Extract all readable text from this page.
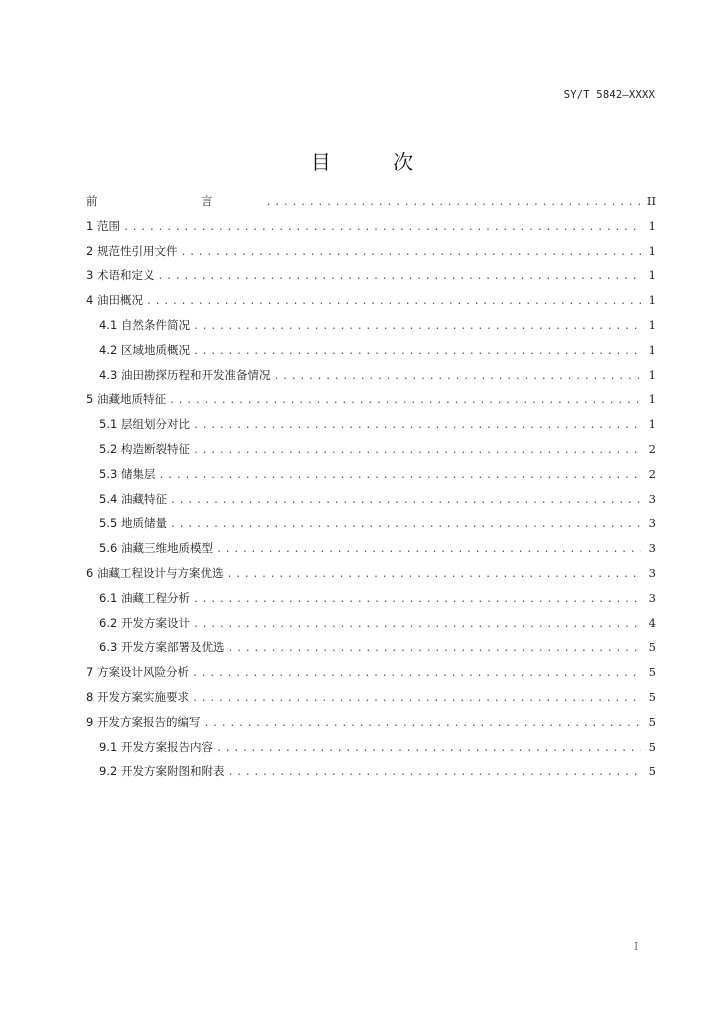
SY/T 5842—XXXX
目 次
前 言 .....	II
1 范围 .....	1
2 规范性引用文件 .....	1
3 术语和定义 .....	1
4 油田概况 .....	1
4.1 自然条件简况 .....	1
4.2 区域地质概况 .....	1
4.3 油田勘探历程和开发准备情况 .....	1
5 油藏地质特征 .....	1
5.1 层组划分对比 .....	1
5.2 构造断裂特征 .....	2
5.3 储集层 .....	2
5.4 油藏特征 .....	3
5.5 地质储量 .....	3
5.6 油藏三维地质模型 .....	3
6 油藏工程设计与方案优选 .....	3
6.1 油藏工程分析 .....	3
6.2 开发方案设计 .....	4
6.3 开发方案部署及优选 .....	5
7 方案设计风险分析 .....	5
8 开发方案实施要求 .....	5
9 开发方案报告的编写 .....	5
9.1 开发方案报告内容 .....	5
9.2 开发方案附图和附表 .....	5
I
